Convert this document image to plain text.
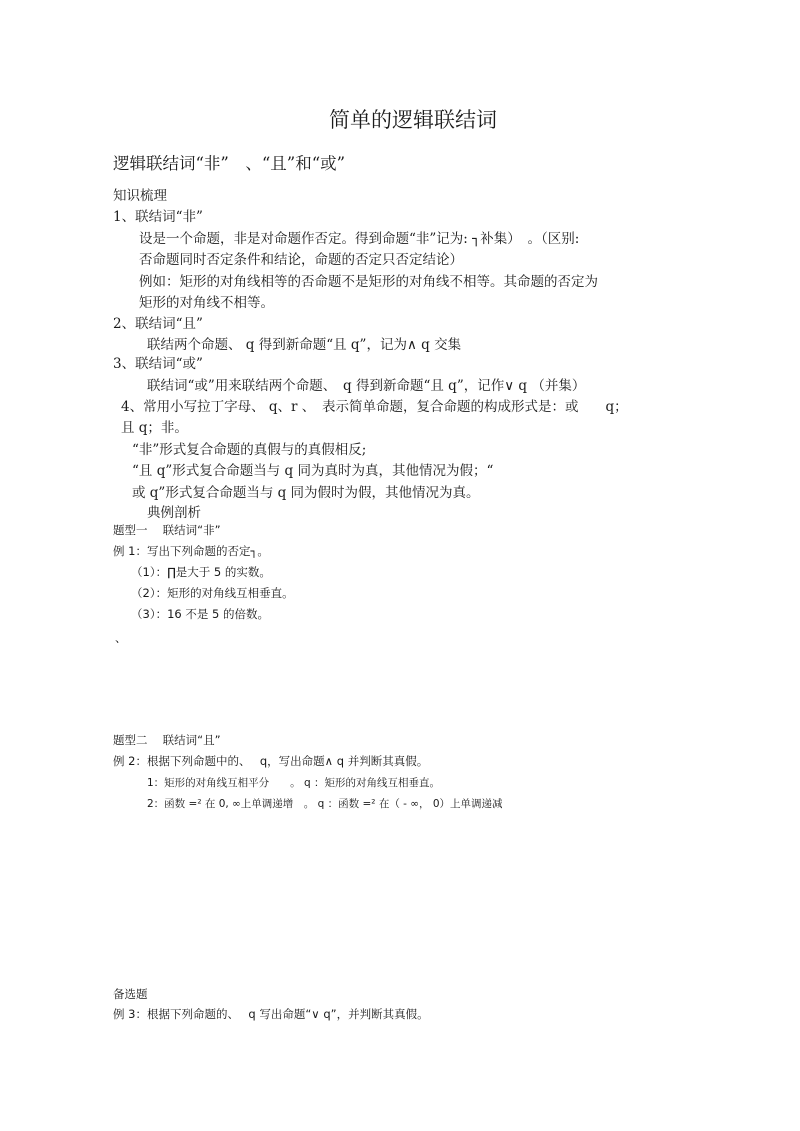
简单的逻辑联结词
逻辑联结词“非”　、“且”和“或”
知识梳理
1、联结词“非”
设是一个命题，非是对命题作否定。得到命题“非”记为: ┐补集）　。（区别:
否命题同时否定条件和结论，命题的否定只否定结论）
例如：矩形的对角线相等的否命题不是矩形的对角线不相等。其命题的否定为
矩形的对角线不相等。
2、联结词“且”
联结两个命题、 q 得到新命题“且 q”，记为∧ q 交集
3、联结词“或”
联结词“或”用来联结两个命题、　q 得到新命题“且 q”，记作∨ q （并集）
4、常用小写拉丁字母、 q、r 、　表示简单命题，复合命题的构成形式是：或　　q；
且 q；非。
“非”形式复合命题的真假与的真假相反;
“且 q”形式复合命题当与 q 同为真时为真，其他情况为假；“
或 q”形式复合命题当与 q 同为假时为假，其他情况为真。
典例剖析
题型一　 联结词“非”
例 1：写出下列命题的否定┐。
（1）：∏是大于 5 的实数。
（2）：矩形的对角线互相垂直。
（3）：16 不是 5 的倍数。
、
题型二　 联结词“且”
例 2：根据下列命题中的、　 q，写出命题∧ q 并判断其真假。
1：矩形的对角线互相平分　　。 q ：矩形的对角线互相垂直。
2：函数 =² 在 0, ∞上单调递增　。 q ：函数 =² 在（ - ∞， 0）上单调递减
备选题
例 3：根据下列命题的、　 q 写出命题“∨ q”，并判断其真假。
